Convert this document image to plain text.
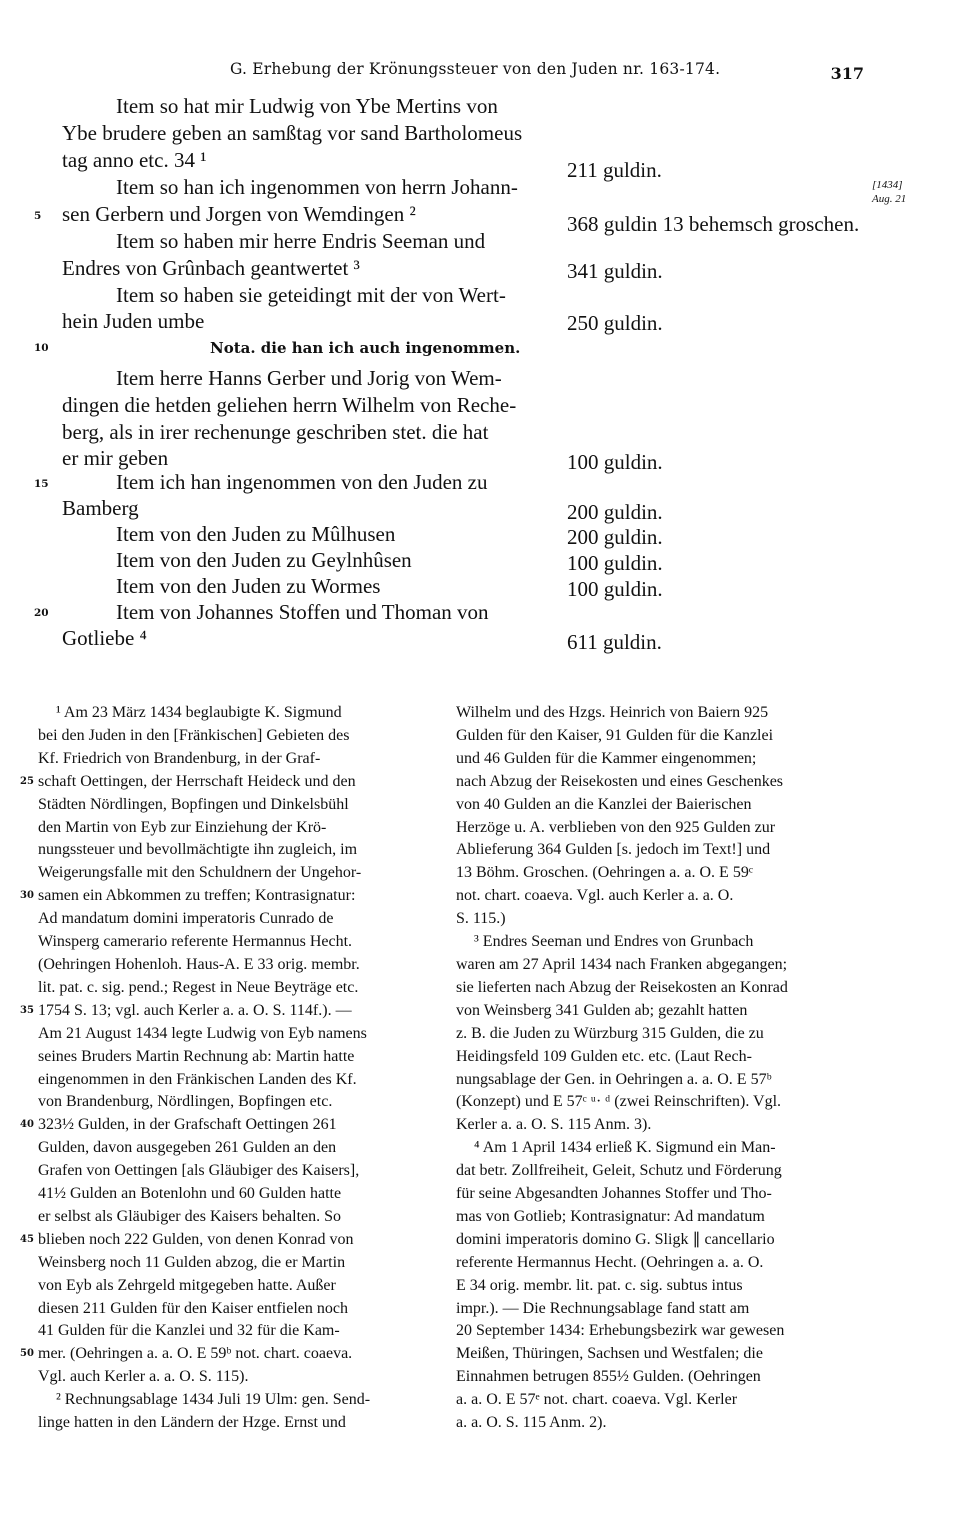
G. Erhebung der Krönungssteuer von den Juden nr. 163-174.	317
[1434]
Aug. 21
Item so hat mir Ludwig von Ybe Mertins von
Ybe brudere geben an samßtag vor sand Bartholomeus
tag anno etc. 34 ¹
Item so han ich ingenommen von herrn Johann-
sen Gerbern und Jorgen von Wemdingen ²
Item so haben mir herre Endris Seeman und
Endres von Grûnbach geantwertet ³
Item so haben sie geteidingt mit der von Wert-
hein Juden umbe
Nota. die han ich auch ingenommen.
Item herre Hanns Gerber und Jorig von Wem-
dingen die hetden geliehen herrn Wilhelm von Reche-
berg, als in irer rechenunge geschriben stet. die hat
er mir geben
Item ich han ingenommen von den Juden zu
Bamberg
Item von den Juden zu Mûlhusen
Item von den Juden zu Geylnhûsen
Item von den Juden zu Wormes
Item von Johannes Stoffen und Thoman von
Gotliebe ⁴
211 guldin.
368 guldin 13 behemsch groschen.
341 guldin.
250 guldin.
100 guldin.
200 guldin.
200 guldin.
100 guldin.
100 guldin.
611 guldin.
5
10
15
20

¹ Am 23 März 1434 beglaubigte K. Sigmund

bei den Juden in den [Fränkischen] Gebieten des

Kf. Friedrich von Brandenburg, in der Graf-

schaft Oettingen, der Herrschaft Heideck und den

Städten Nördlingen, Bopfingen und Dinkelsbühl

den Martin von Eyb zur Einziehung der Krö-

nungssteuer und bevollmächtigte ihn zugleich, im

Weigerungsfalle mit den Schuldnern der Ungehor-

samen ein Abkommen zu treffen; Kontrasignatur:

Ad mandatum domini imperatoris Cunrado de

Winsperg camerario referente Hermannus Hecht.

(Oehringen Hohenloh. Haus-A. E 33 orig. membr.

lit. pat. c. sig. pend.; Regest in Neue Beyträge etc.

1754 S. 13; vgl. auch Kerler a. a. O. S. 114f.). —

Am 21 August 1434 legte Ludwig von Eyb namens

seines Bruders Martin Rechnung ab: Martin hatte

eingenommen in den Fränkischen Landen des Kf.

von Brandenburg, Nördlingen, Bopfingen etc.

323½ Gulden, in der Grafschaft Oettingen 261

Gulden, davon ausgegeben 261 Gulden an den

Grafen von Oettingen [als Gläubiger des Kaisers],

41½ Gulden an Botenlohn und 60 Gulden hatte

er selbst als Gläubiger des Kaisers behalten. So

blieben noch 222 Gulden, von denen Konrad von

Weinsberg noch 11 Gulden abzog, die er Martin

von Eyb als Zehrgeld mitgegeben hatte. Außer

diesen 211 Gulden für den Kaiser entfielen noch

41 Gulden für die Kanzlei und 32 für die Kam-

mer. (Oehringen a. a. O. E 59ᵇ not. chart. coaeva.

Vgl. auch Kerler a. a. O. S. 115).

² Rechnungsablage 1434 Juli 19 Ulm: gen. Send-

linge hatten in den Ländern der Hzge. Ernst und

25
30
35
40
45
50

Wilhelm und des Hzgs. Heinrich von Baiern 925

Gulden für den Kaiser, 91 Gulden für die Kanzlei

und 46 Gulden für die Kammer eingenommen;

nach Abzug der Reisekosten und eines Geschenkes

von 40 Gulden an die Kanzlei der Baierischen

Herzöge u. A. verblieben von den 925 Gulden zur

Ablieferung 364 Gulden [s. jedoch im Text!] und

13 Böhm. Groschen. (Oehringen a. a. O. E 59ᶜ

not. chart. coaeva. Vgl. auch Kerler a. a. O.

S. 115.)

³ Endres Seeman und Endres von Grunbach

waren am 27 April 1434 nach Franken abgegangen;

sie lieferten nach Abzug der Reisekosten an Konrad

von Weinsberg 341 Gulden ab; gezahlt hatten

z. B. die Juden zu Würzburg 315 Gulden, die zu

Heidingsfeld 109 Gulden etc. etc. (Laut Rech-

nungsablage der Gen. in Oehringen a. a. O. E 57ᵇ

(Konzept) und E 57ᶜ ᵘ· ᵈ (zwei Reinschriften). Vgl.

Kerler a. a. O. S. 115 Anm. 3).

⁴ Am 1 April 1434 erließ K. Sigmund ein Man-

dat betr. Zollfreiheit, Geleit, Schutz und Förderung

für seine Abgesandten Johannes Stoffer und Tho-

mas von Gotlieb; Kontrasignatur: Ad mandatum

domini imperatoris domino G. Sligk ∥ cancellario

referente Hermannus Hecht. (Oehringen a. a. O.

E 34 orig. membr. lit. pat. c. sig. subtus intus

impr.). — Die Rechnungsablage fand statt am

20 September 1434: Erhebungsbezirk war gewesen

Meißen, Thüringen, Sachsen und Westfalen; die

Einnahmen betrugen 855½ Gulden. (Oehringen

a. a. O. E 57ᵉ not. chart. coaeva. Vgl. Kerler

a. a. O. S. 115 Anm. 2).
